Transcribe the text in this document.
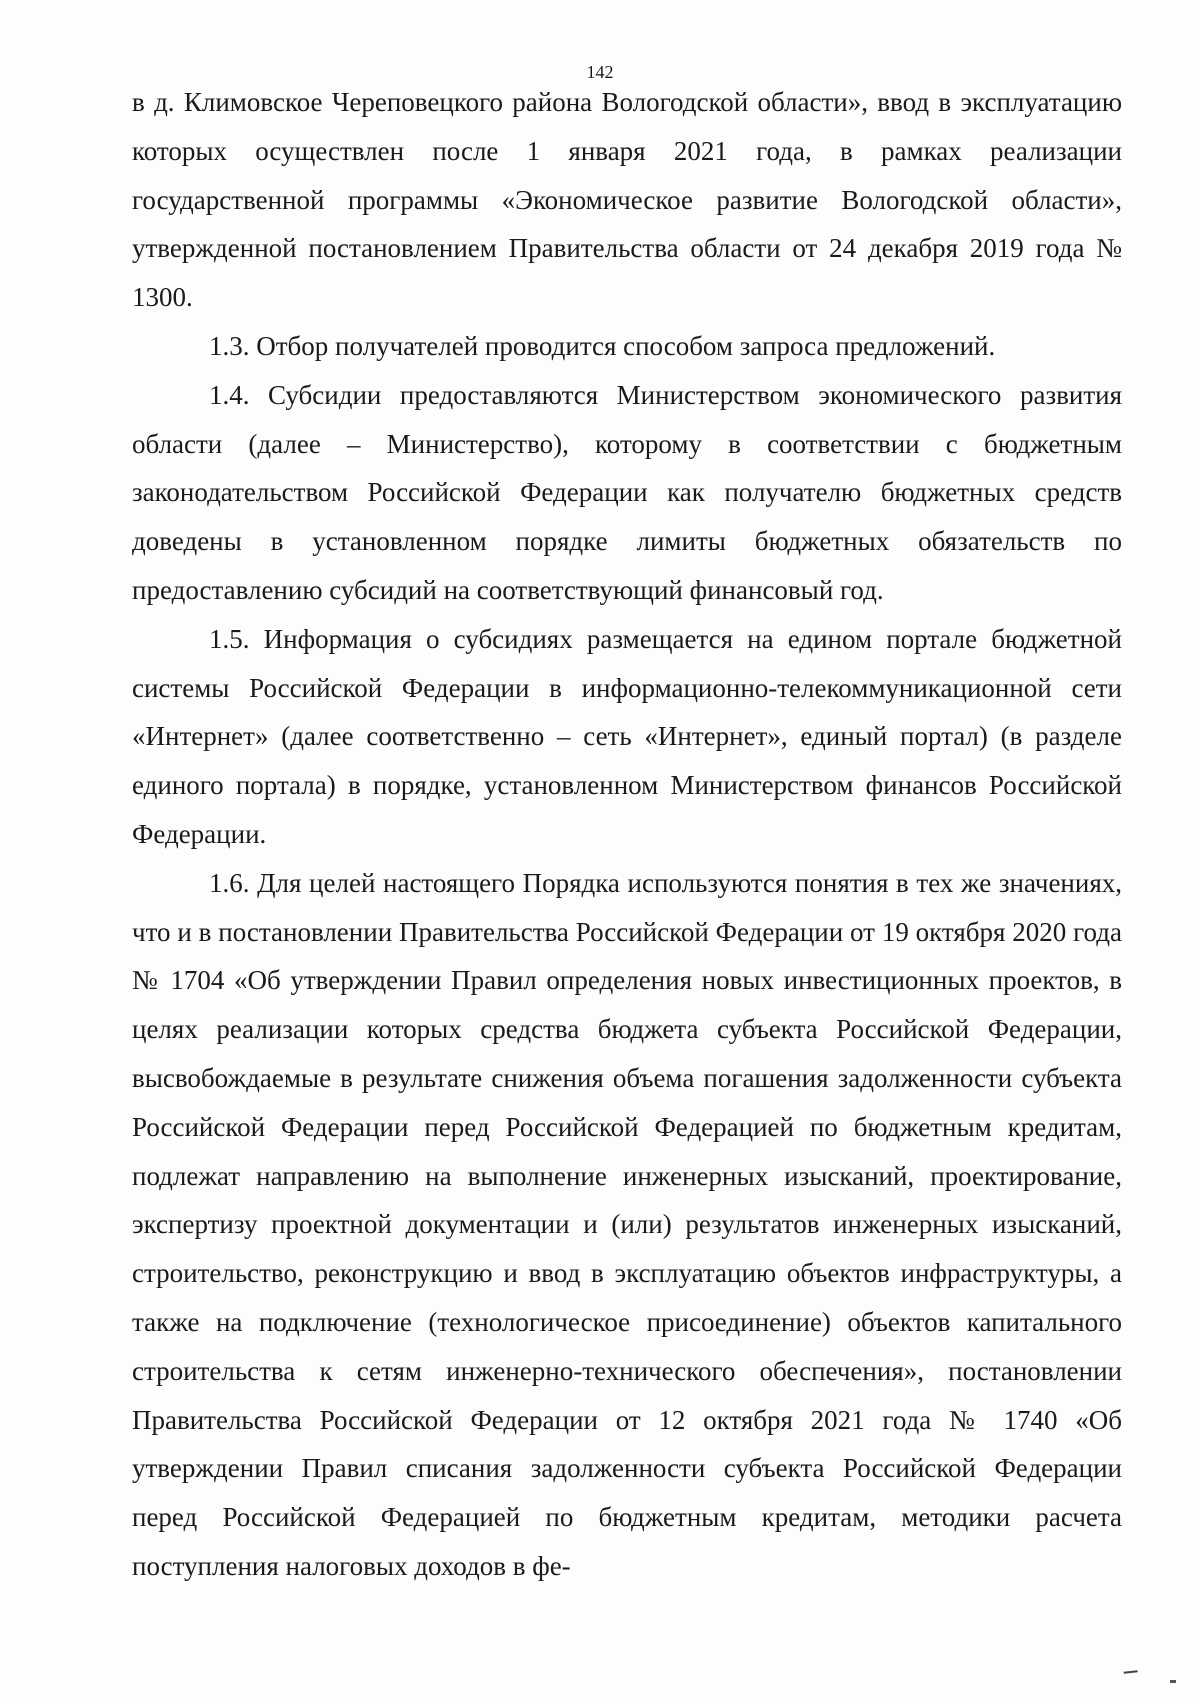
142

в д. Климовское Череповецкого района Вологодской области», ввод в эксплуатацию которых осуществлен после 1 января 2021 года, в рамках реализации государственной программы «Экономическое развитие Вологодской области», утвержденной постановлением Правительства области от 24 декабря 2019 года № 1300.

1.3. Отбор получателей проводится способом запроса предложений.

1.4. Субсидии предоставляются Министерством экономического развития области (далее – Министерство), которому в соответствии с бюджетным законодательством Российской Федерации как получателю бюджетных средств доведены в установленном порядке лимиты бюджетных обязательств по предоставлению субсидий на соответствующий финансовый год.

1.5. Информация о субсидиях размещается на едином портале бюджетной системы Российской Федерации в информационно-телекоммуникационной сети «Интернет» (далее соответственно – сеть «Интернет», единый портал) (в разделе единого портала) в порядке, установленном Министерством финансов Российской Федерации.

1.6. Для целей настоящего Порядка используются понятия в тех же значениях, что и в постановлении Правительства Российской Федерации от 19 октября 2020 года № 1704 «Об утверждении Правил определения новых инвестиционных проектов, в целях реализации которых средства бюджета субъекта Российской Федерации, высвобождаемые в результате снижения объема погашения задолженности субъекта Российской Федерации перед Российской Федерацией по бюджетным кредитам, подлежат направлению на выполнение инженерных изысканий, проектирование, экспертизу проектной документации и (или) результатов инженерных изысканий, строительство, реконструкцию и ввод в эксплуатацию объектов инфраструктуры, а также на подключение (технологическое присоединение) объектов капитального строительства к сетям инженерно-технического обеспечения», постановлении Правительства Российской Федерации от 12 октября 2021 года № 1740 «Об утверждении Правил списания задолженности субъекта Российской Федерации перед Российской Федерацией по бюджетным кредитам, методики расчета поступления налоговых доходов в фе-
